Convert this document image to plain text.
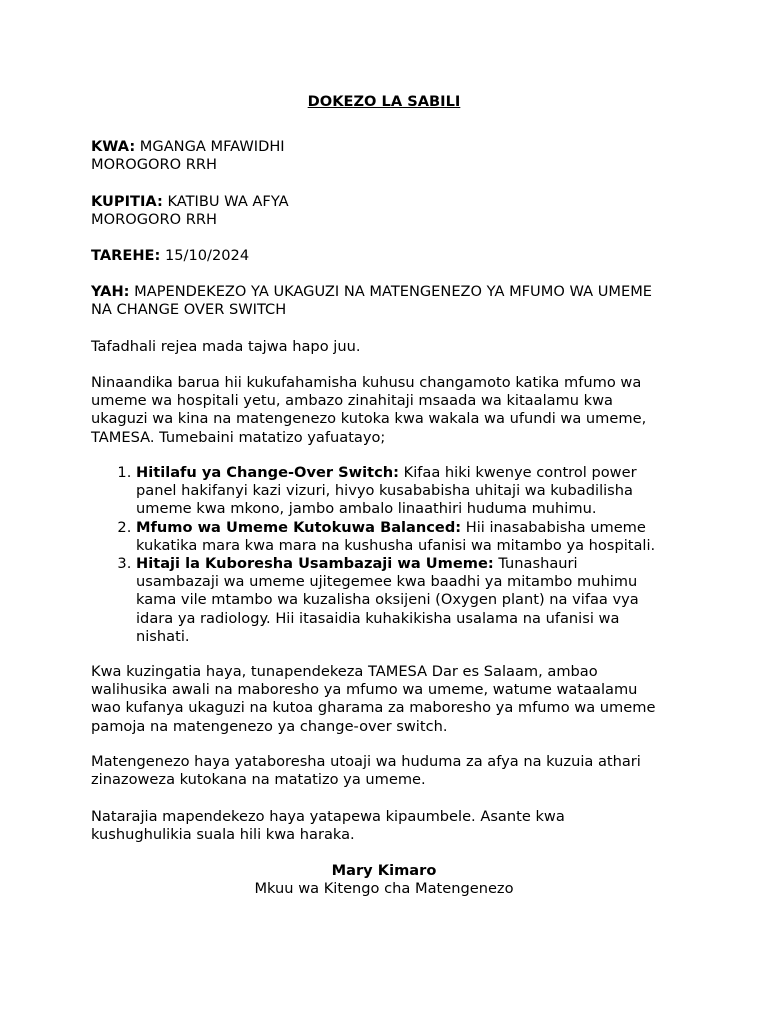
DOKEZO LA SABILI
KWA: MGANGA MFAWIDHI
MOROGORO RRH
KUPITIA: KATIBU WA AFYA
MOROGORO RRH
TAREHE: 15/10/2024
YAH: MAPENDEKEZO YA UKAGUZI NA MATENGENEZO YA MFUMO WA UMEME
NA CHANGE OVER SWITCH
Tafadhali rejea mada tajwa hapo juu.
Ninaandika barua hii kukufahamisha kuhusu changamoto katika mfumo wa
umeme wa hospitali yetu, ambazo zinahitaji msaada wa kitaalamu kwa
ukaguzi wa kina na matengenezo kutoka kwa wakala wa ufundi wa umeme,
TAMESA. Tumebaini matatizo yafuatayo;
1. Hitilafu ya Change-Over Switch: Kifaa hiki kwenye control power
panel hakifanyi kazi vizuri, hivyo kusababisha uhitaji wa kubadilisha
umeme kwa mkono, jambo ambalo linaathiri huduma muhimu.
2. Mfumo wa Umeme Kutokuwa Balanced: Hii inasababisha umeme
kukatika mara kwa mara na kushusha ufanisi wa mitambo ya hospitali.
3. Hitaji la Kuboresha Usambazaji wa Umeme: Tunashauri
usambazaji wa umeme ujitegemee kwa baadhi ya mitambo muhimu
kama vile mtambo wa kuzalisha oksijeni (Oxygen plant) na vifaa vya
idara ya radiology. Hii itasaidia kuhakikisha usalama na ufanisi wa
nishati.
Kwa kuzingatia haya, tunapendekeza TAMESA Dar es Salaam, ambao
walihusika awali na maboresho ya mfumo wa umeme, watume wataalamu
wao kufanya ukaguzi na kutoa gharama za maboresho ya mfumo wa umeme
pamoja na matengenezo ya change-over switch.
Matengenezo haya yataboresha utoaji wa huduma za afya na kuzuia athari
zinazoweza kutokana na matatizo ya umeme.
Natarajia mapendekezo haya yatapewa kipaumbele. Asante kwa
kushughulikia suala hili kwa haraka.
Mary Kimaro
Mkuu wa Kitengo cha Matengenezo
